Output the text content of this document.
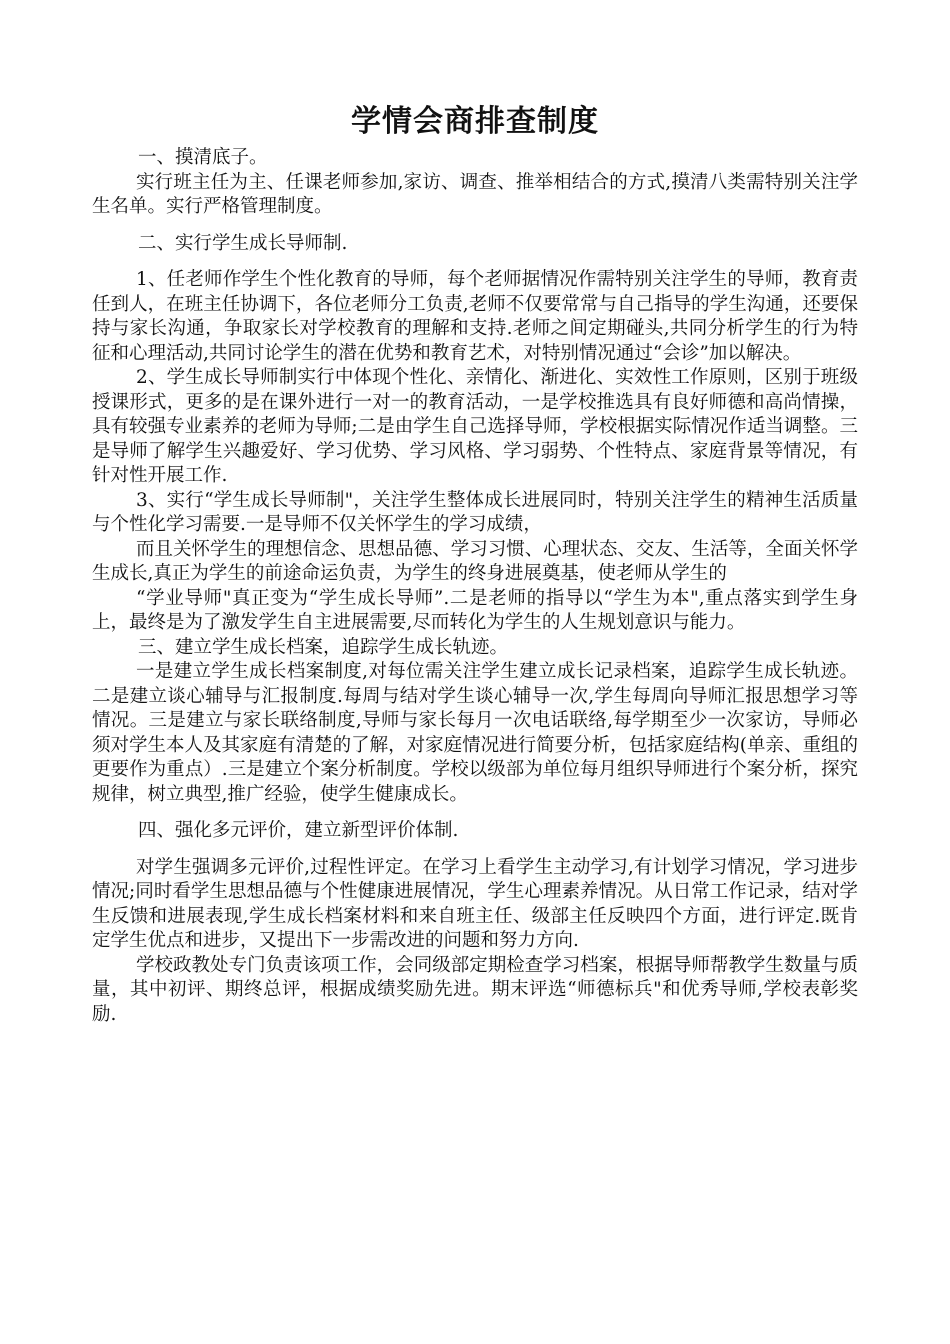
学情会商排查制度

一、摸清底子。

实行班主任为主、任课老师参加,家访、调查、推举相结合的方式,摸清八类需特别关注学生名单。实行严格管理制度。

二、实行学生成长导师制.

1、任老师作学生个性化教育的导师，每个老师据情况作需特别关注学生的导师，教育责任到人，在班主任协调下，各位老师分工负责,老师不仅要常常与自己指导的学生沟通，还要保持与家长沟通，争取家长对学校教育的理解和支持.老师之间定期碰头,共同分析学生的行为特征和心理活动,共同讨论学生的潜在优势和教育艺术，对特别情况通过“会诊”加以解决。

2、学生成长导师制实行中体现个性化、亲情化、渐进化、实效性工作原则，区别于班级授课形式，更多的是在课外进行一对一的教育活动，一是学校推选具有良好师德和高尚情操，具有较强专业素养的老师为导师;二是由学生自己选择导师，学校根据实际情况作适当调整。三是导师了解学生兴趣爱好、学习优势、学习风格、学习弱势、个性特点、家庭背景等情况，有针对性开展工作.

3、实行“学生成长导师制"，关注学生整体成长进展同时，特别关注学生的精神生活质量与个性化学习需要.一是导师不仅关怀学生的学习成绩，

而且关怀学生的理想信念、思想品德、学习习惯、心理状态、交友、生活等，全面关怀学生成长,真正为学生的前途命运负责，为学生的终身进展奠基，使老师从学生的

“学业导师"真正变为“学生成长导师”.二是老师的指导以“学生为本",重点落实到学生身上，最终是为了激发学生自主进展需要,尽而转化为学生的人生规划意识与能力。

三、建立学生成长档案，追踪学生成长轨迹。

一是建立学生成长档案制度,对每位需关注学生建立成长记录档案，追踪学生成长轨迹。二是建立谈心辅导与汇报制度.每周与结对学生谈心辅导一次,学生每周向导师汇报思想学习等情况。三是建立与家长联络制度,导师与家长每月一次电话联络,每学期至少一次家访，导师必须对学生本人及其家庭有清楚的了解，对家庭情况进行简要分析，包括家庭结构(单亲、重组的更要作为重点）.三是建立个案分析制度。学校以级部为单位每月组织导师进行个案分析，探究规律，树立典型,推广经验，使学生健康成长。

四、强化多元评价，建立新型评价体制.

对学生强调多元评价,过程性评定。在学习上看学生主动学习,有计划学习情况，学习进步情况;同时看学生思想品德与个性健康进展情况，学生心理素养情况。从日常工作记录，结对学生反馈和进展表现,学生成长档案材料和来自班主任、级部主任反映四个方面，进行评定.既肯定学生优点和进步，又提出下一步需改进的问题和努力方向.

学校政教处专门负责该项工作，会同级部定期检查学习档案，根据导师帮教学生数量与质量，其中初评、期终总评，根据成绩奖励先进。期末评选“师德标兵"和优秀导师,学校表彰奖励.
